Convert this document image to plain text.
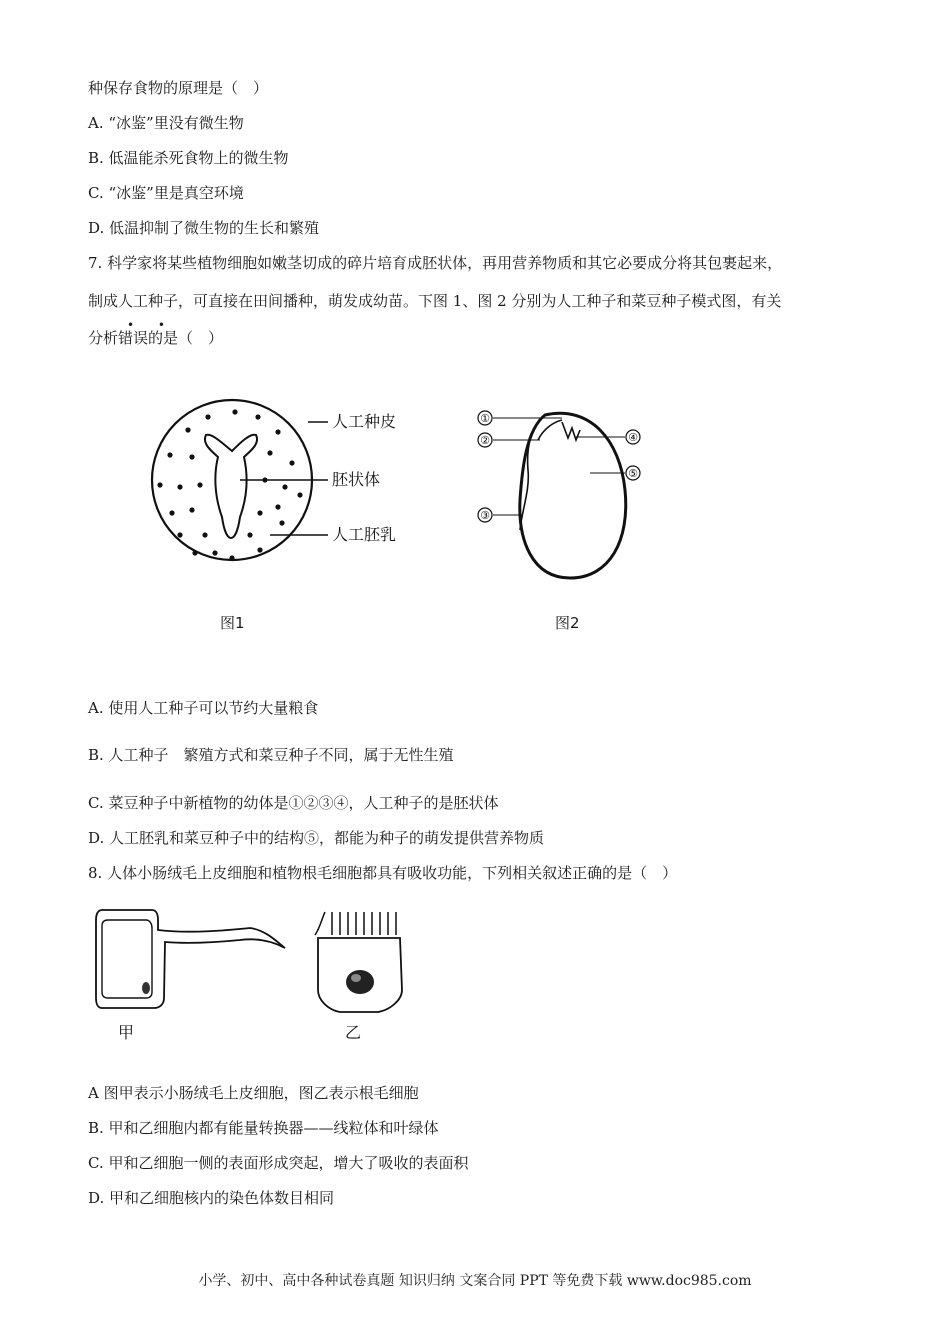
种保存食物的原理是（　）
A. “冰鉴”里没有微生物
B. 低温能杀死食物上的微生物
C. “冰鉴”里是真空环境
D. 低温抑制了微生物的生长和繁殖
7. 科学家将某些植物细胞如嫩茎切成的碎片培育成胚状体，再用营养物质和其它必要成分将其包裹起来，
制成人工种子，可直接在田间播种，萌发成幼苗。下图 1、图 2 分别为人工种子和菜豆种子模式图，有关
• •
分析错误的是（　）
人工种皮
胚状体
人工胚乳
图1
①
②
③
④
⑤
图2
A. 使用人工种子可以节约大量粮食
B. 人工种子　繁殖方式和菜豆种子不同，属于无性生殖
C. 菜豆种子中新植物的幼体是①②③④，人工种子的是胚状体
D. 人工胚乳和菜豆种子中的结构⑤，都能为种子的萌发提供营养物质
8. 人体小肠绒毛上皮细胞和植物根毛细胞都具有吸收功能，下列相关叙述正确的是（　）
甲	乙
A 图甲表示小肠绒毛上皮细胞，图乙表示根毛细胞
B. 甲和乙细胞内都有能量转换器——线粒体和叶绿体
C. 甲和乙细胞一侧的表面形成突起，增大了吸收的表面积
D. 甲和乙细胞核内的染色体数目相同
小学、初中、高中各种试卷真题 知识归纳 文案合同 PPT 等免费下载 www.doc985.com
